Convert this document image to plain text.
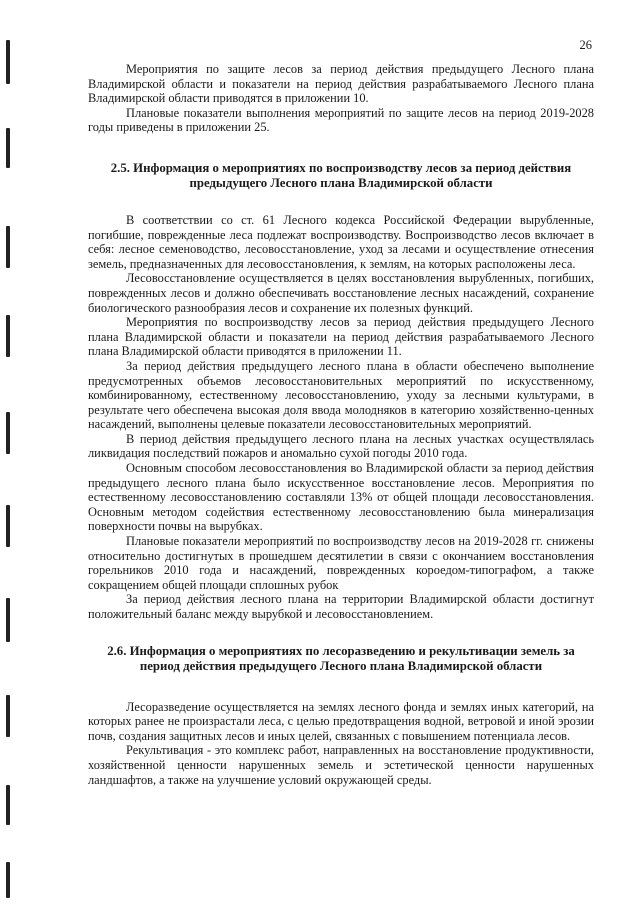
26

Мероприятия по защите лесов за период действия предыдущего Лесного плана Владимирской области и показатели на период действия разрабатываемого Лесного плана Владимирской области приводятся в приложении 10.

Плановые показатели выполнения мероприятий по защите лесов на период 2019-2028 годы приведены в приложении 25.

2.5. Информация о мероприятиях по воспроизводству лесов за период действия предыдущего Лесного плана Владимирской области

В соответствии со ст. 61 Лесного кодекса Российской Федерации вырубленные, погибшие, поврежденные леса подлежат воспроизводству. Воспроизводство лесов включает в себя: лесное семеноводство, лесовосстановление, уход за лесами и осуществление отнесения земель, предназначенных для лесовосстановления, к землям, на которых расположены леса.

Лесовосстановление осуществляется в целях восстановления вырубленных, погибших, поврежденных лесов и должно обеспечивать восстановление лесных насаждений, сохранение биологического разнообразия лесов и сохранение их полезных функций.

Мероприятия по воспроизводству лесов за период действия предыдущего Лесного плана Владимирской области и показатели на период действия разрабатываемого Лесного плана Владимирской области приводятся в приложении 11.

За период действия предыдущего лесного плана в области обеспечено выполнение предусмотренных объемов лесовосстановительных мероприятий по искусственному, комбинированному, естественному лесовосстановлению, уходу за лесными культурами, в результате чего обеспечена высокая доля ввода молодняков в категорию хозяйственно-ценных насаждений, выполнены целевые показатели лесовосстановительных мероприятий.

В период действия предыдущего лесного плана на лесных участках осуществлялась ликвидация последствий пожаров и аномально сухой погоды 2010 года.

Основным способом лесовосстановления во Владимирской области за период действия предыдущего лесного плана было искусственное восстановление лесов. Мероприятия по естественному лесовосстановлению составляли 13% от общей площади лесовосстановления. Основным методом содействия естественному лесовосстановлению была минерализация поверхности почвы на вырубках.

Плановые показатели мероприятий по воспроизводству лесов на 2019-2028 гг. снижены относительно достигнутых в прошедшем десятилетии в связи с окончанием восстановления горельников 2010 года и насаждений, поврежденных короедом-типографом, а также сокращением общей площади сплошных рубок

За период действия лесного плана на территории Владимирской области достигнут положительный баланс между вырубкой и лесовосстановлением.

2.6. Информация о мероприятиях по лесоразведению и рекультивации земель за период действия предыдущего Лесного плана Владимирской области

Лесоразведение осуществляется на землях лесного фонда и землях иных категорий, на которых ранее не произрастали леса, с целью предотвращения водной, ветровой и иной эрозии почв, создания защитных лесов и иных целей, связанных с повышением потенциала лесов.

Рекультивация - это комплекс работ, направленных на восстановление продуктивности, хозяйственной ценности нарушенных земель и эстетической ценности нарушенных ландшафтов, а также на улучшение условий окружающей среды.
